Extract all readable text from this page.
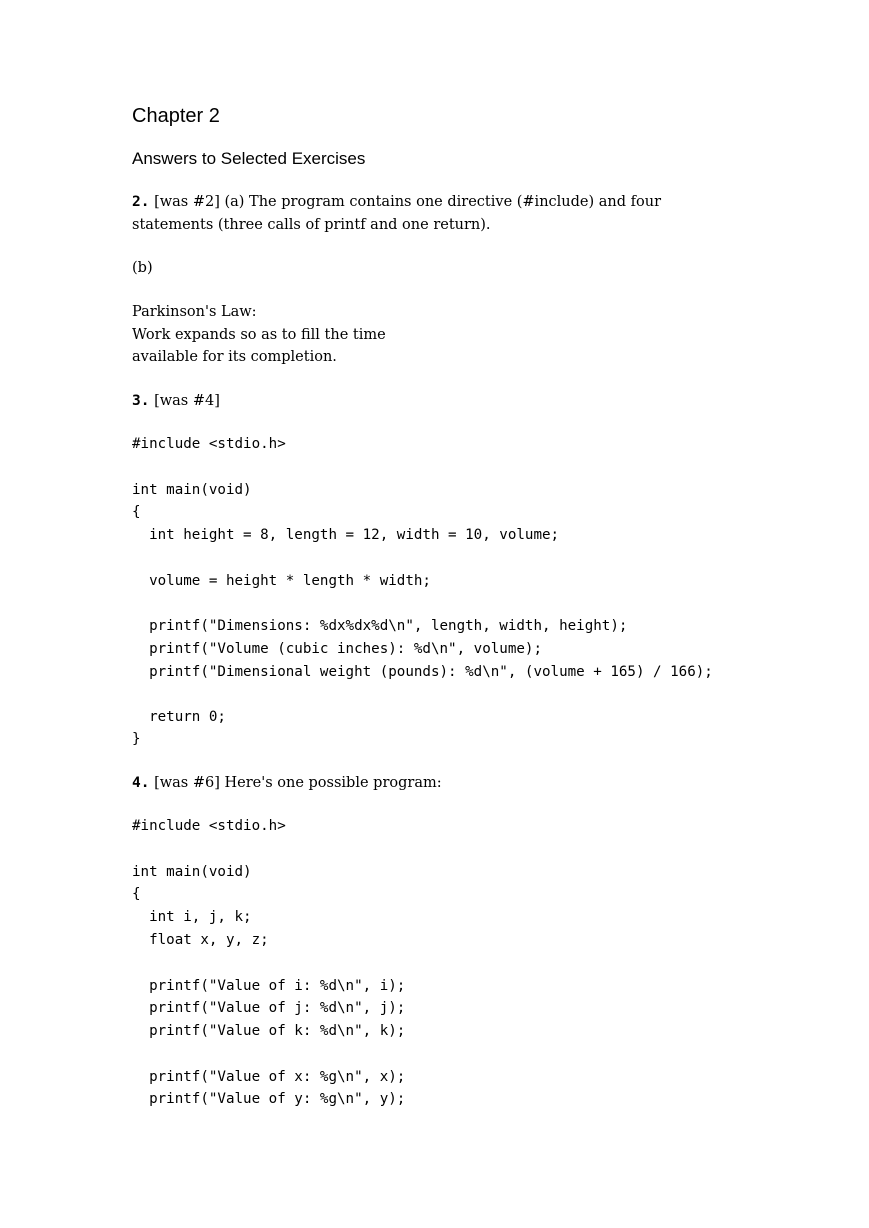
Chapter 2
Answers to Selected Exercises

2. [was #2] (a) The program contains one directive (#include) and four

statements (three calls of printf and one return).

(b)

Parkinson's Law:

Work expands so as to fill the time

available for its completion.

3. [was #4]

#include <stdio.h>

int main(void)

{

int height = 8, length = 12, width = 10, volume;

volume = height * length * width;

printf("Dimensions: %dx%dx%d\n", length, width, height);

printf("Volume (cubic inches): %d\n", volume);

printf("Dimensional weight (pounds): %d\n", (volume + 165) / 166);

return 0;

}

4. [was #6] Here's one possible program:

#include <stdio.h>

int main(void)

{

int i, j, k;

float x, y, z;

printf("Value of i: %d\n", i);

printf("Value of j: %d\n", j);

printf("Value of k: %d\n", k);

printf("Value of x: %g\n", x);

printf("Value of y: %g\n", y);
